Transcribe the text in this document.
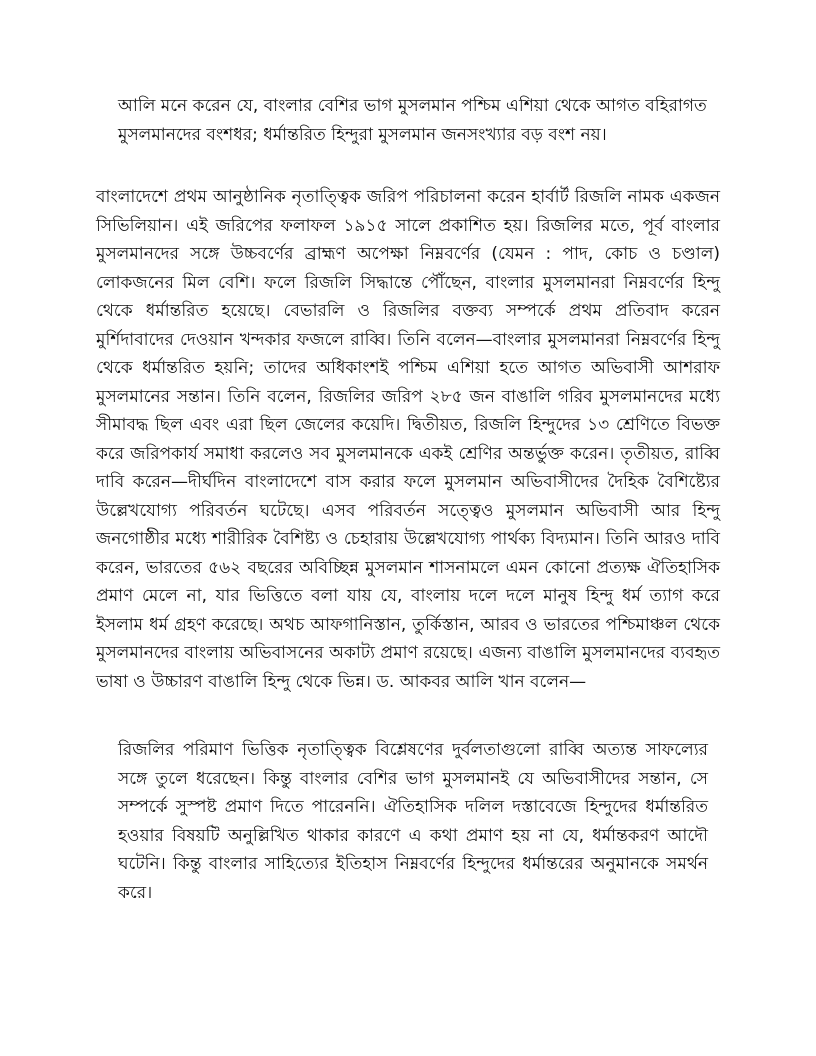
আলি মনে করেন যে, বাংলার বেশির ভাগ মুসলমান পশ্চিম এশিয়া থেকে আগত বহিরাগত মুসলমানদের বংশধর; ধর্মান্তরিত হিন্দুরা মুসলমান জনসংখ্যার বড় বংশ নয়।

বাংলাদেশে প্রথম আনুষ্ঠানিক নৃতাত্ত্বিক জরিপ পরিচালনা করেন হার্বার্ট রিজলি নামক একজন সিভিলিয়ান। এই জরিপের ফলাফল ১৯১৫ সালে প্রকাশিত হয়। রিজলির মতে, পূর্ব বাংলার মুসলমানদের সঙ্গে উচ্চবর্ণের ব্রাহ্মণ অপেক্ষা নিম্নবর্ণের (যেমন : পাদ, কোচ ও চণ্ডাল) লোকজনের মিল বেশি। ফলে রিজলি সিদ্ধান্তে পৌঁছেন, বাংলার মুসলমানরা নিম্নবর্ণের হিন্দু থেকে ধর্মান্তরিত হয়েছে। বেভারলি ও রিজলির বক্তব্য সম্পর্কে প্রথম প্রতিবাদ করেন মুর্শিদাবাদের দেওয়ান খন্দকার ফজলে রাব্বি। তিনি বলেন—বাংলার মুসলমানরা নিম্নবর্ণের হিন্দু থেকে ধর্মান্তরিত হয়নি; তাদের অধিকাংশই পশ্চিম এশিয়া হতে আগত অভিবাসী আশরাফ মুসলমানের সন্তান। তিনি বলেন, রিজলির জরিপ ২৮৫ জন বাঙালি গরিব মুসলমানদের মধ্যে সীমাবদ্ধ ছিল এবং এরা ছিল জেলের কয়েদি। দ্বিতীয়ত, রিজলি হিন্দুদের ১৩ শ্রেণিতে বিভক্ত করে জরিপকার্য সমাধা করলেও সব মুসলমানকে একই শ্রেণির অন্তর্ভুক্ত করেন। তৃতীয়ত, রাব্বি দাবি করেন—দীর্ঘদিন বাংলাদেশে বাস করার ফলে মুসলমান অভিবাসীদের দৈহিক বৈশিষ্ট্যের উল্লেখযোগ্য পরিবর্তন ঘটেছে। এসব পরিবর্তন সত্ত্বেও মুসলমান অভিবাসী আর হিন্দু জনগোষ্ঠীর মধ্যে শারীরিক বৈশিষ্ট্য ও চেহারায় উল্লেখযোগ্য পার্থক্য বিদ্যমান। তিনি আরও দাবি করেন, ভারতের ৫৬২ বছরের অবিচ্ছিন্ন মুসলমান শাসনামলে এমন কোনো প্রত্যক্ষ ঐতিহাসিক প্রমাণ মেলে না, যার ভিত্তিতে বলা যায় যে, বাংলায় দলে দলে মানুষ হিন্দু ধর্ম ত্যাগ করে ইসলাম ধর্ম গ্রহণ করেছে। অথচ আফগানিস্তান, তুর্কিস্তান, আরব ও ভারতের পশ্চিমাঞ্চল থেকে মুসলমানদের বাংলায় অভিবাসনের অকাট্য প্রমাণ রয়েছে। এজন্য বাঙালি মুসলমানদের ব্যবহৃত ভাষা ও উচ্চারণ বাঙালি হিন্দু থেকে ভিন্ন। ড. আকবর আলি খান বলেন—

রিজলির পরিমাণ ভিত্তিক নৃতাত্ত্বিক বিশ্লেষণের দুর্বলতাগুলো রাব্বি অত্যন্ত সাফল্যের সঙ্গে তুলে ধরেছেন। কিন্তু বাংলার বেশির ভাগ মুসলমানই যে অভিবাসীদের সন্তান, সে সম্পর্কে সুস্পষ্ট প্রমাণ দিতে পারেননি। ঐতিহাসিক দলিল দস্তাবেজে হিন্দুদের ধর্মান্তরিত হওয়ার বিষয়টি অনুল্লিখিত থাকার কারণে এ কথা প্রমাণ হয় না যে, ধর্মান্তকরণ আদৌ ঘটেনি। কিন্তু বাংলার সাহিত্যের ইতিহাস নিম্নবর্ণের হিন্দুদের ধর্মান্তরের অনুমানকে সমর্থন করে।
